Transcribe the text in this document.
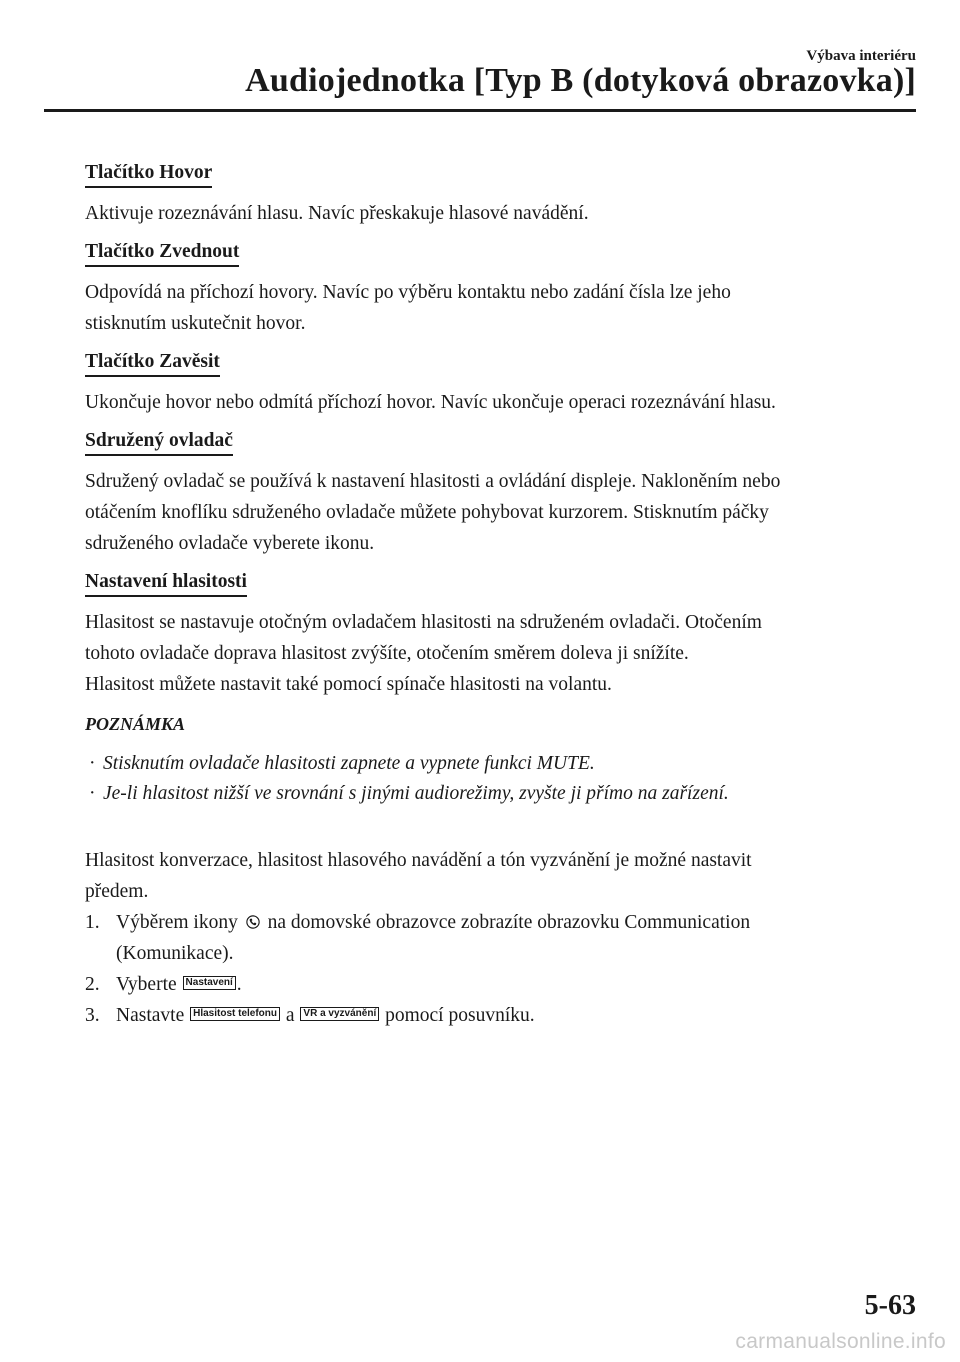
Výbava interiéru
Audiojednotka [Typ B (dotyková obrazovka)]
Tlačítko Hovor

Aktivuje rozeznávání hlasu. Navíc přeskakuje hlasové navádění.

Tlačítko Zvednout

Odpovídá na příchozí hovory. Navíc po výběru kontaktu nebo zadání čísla lze jeho
stisknutím uskutečnit hovor.

Tlačítko Zavěsit

Ukončuje hovor nebo odmítá příchozí hovor. Navíc ukončuje operaci rozeznávání hlasu.

Sdružený ovladač

Sdružený ovladač se používá k nastavení hlasitosti a ovládání displeje. Nakloněním nebo
otáčením knoflíku sdruženého ovladače můžete pohybovat kurzorem. Stisknutím páčky
sdruženého ovladače vyberete ikonu.

Nastavení hlasitosti

Hlasitost se nastavuje otočným ovladačem hlasitosti na sdruženém ovladači. Otočením
tohoto ovladače doprava hlasitost zvýšíte, otočením směrem doleva ji snížíte.
Hlasitost můžete nastavit také pomocí spínače hlasitosti na volantu.

POZNÁMKA
· Stisknutím ovladače hlasitosti zapnete a vypnete funkci MUTE.
· Je-li hlasitost nižší ve srovnání s jinými audiorežimy, zvyšte ji přímo na zařízení.

Hlasitost konverzace, hlasitost hlasového navádění a tón vyzvánění je možné nastavit
předem.

1. Výběrem ikony na domovské obrazovce zobrazíte obrazovku Communication
(Komunikace).
2. Vyberte Nastavení .
3. Nastavte Hlasitost telefonu a VR a vyzvánění pomocí posuvníku.
5-63
carmanualsonline.info
